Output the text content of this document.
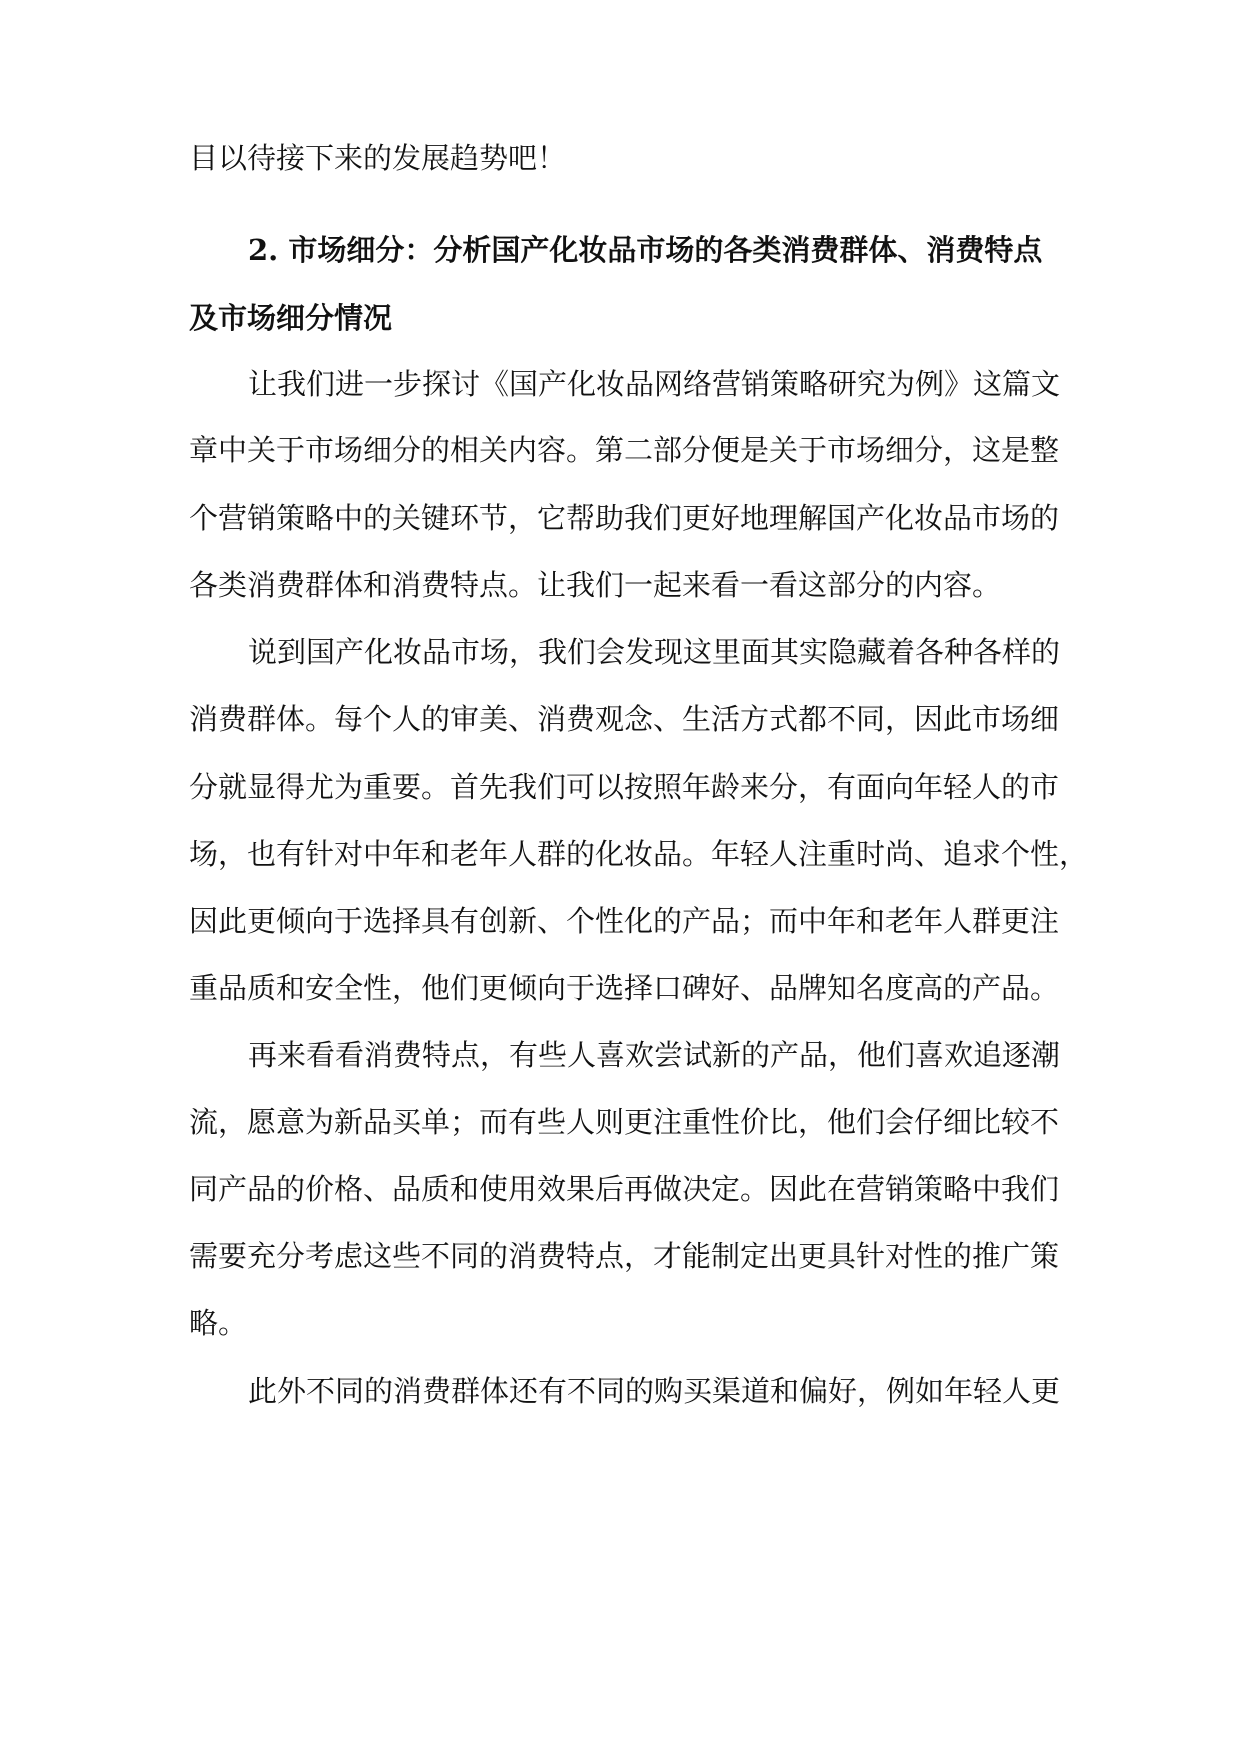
目以待接下来的发展趋势吧！
2. 市场细分：分析国产化妆品市场的各类消费群体、消费特点
及市场细分情况
让我们进一步探讨《国产化妆品网络营销策略研究为例》这篇文
章中关于市场细分的相关内容。第二部分便是关于市场细分，这是整
个营销策略中的关键环节，它帮助我们更好地理解国产化妆品市场的
各类消费群体和消费特点。让我们一起来看一看这部分的内容。
说到国产化妆品市场，我们会发现这里面其实隐藏着各种各样的
消费群体。每个人的审美、消费观念、生活方式都不同，因此市场细
分就显得尤为重要。首先我们可以按照年龄来分，有面向年轻人的市
场，也有针对中年和老年人群的化妆品。年轻人注重时尚、追求个性，
因此更倾向于选择具有创新、个性化的产品；而中年和老年人群更注
重品质和安全性，他们更倾向于选择口碑好、品牌知名度高的产品。
再来看看消费特点，有些人喜欢尝试新的产品，他们喜欢追逐潮
流，愿意为新品买单；而有些人则更注重性价比，他们会仔细比较不
同产品的价格、品质和使用效果后再做决定。因此在营销策略中我们
需要充分考虑这些不同的消费特点，才能制定出更具针对性的推广策
略。
此外不同的消费群体还有不同的购买渠道和偏好，例如年轻人更
